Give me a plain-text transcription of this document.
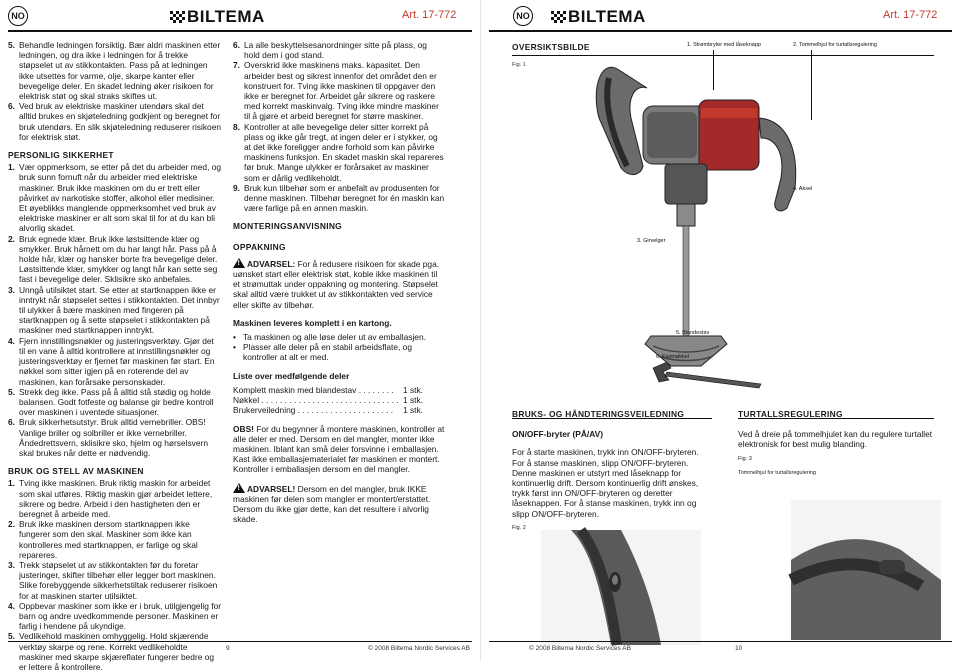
NO	BILTEMA	Art. 17-772
5. Behandle ledningen forsiktig. Bær aldri maskinen etter ledningen, og dra ikke i ledningen for å trekke støpselet ut av stikkontakten. Pass på at ledningen ikke utsettes for varme, olje, skarpe kanter eller bevegelige deler. En skadet ledning øker risikoen for elektrisk støt og skal straks skiftes ut.
6. Ved bruk av elektriske maskiner utendørs skal det alltid brukes en skjøteledning godkjent og beregnet for bruk utendørs. En slik skjøteledning reduserer risikoen for elektrisk støt.
PERSONLIG SIKKERHET
1. Vær oppmerksom, se etter på det du arbeider med, og bruk sunn fornuft når du arbeider med elektriske maskiner. Bruk ikke maskinen om du er trett eller påvirket av narkotiske stoffer, alkohol eller medisiner. Et øyeblikks manglende oppmerksomhet ved bruk av elektriske maskiner er alt som skal til for at du kan bli alvorlig skadet.
2. Bruk egnede klær. Bruk ikke løstsittende klær og smykker. Bruk hårnett om du har langt hår. Pass på å holde hår, klær og hansker borte fra bevegelige deler. Løstsittende klær, smykker og langt hår kan sette seg fast i bevegelige deler. Sklisikre sko anbefales.
3. Unngå utilsiktet start. Se etter at startknappen ikke er inntrykt når støpselet settes i stikkontakten. Det innbyr til ulykker å bære maskinen med fingeren på startknappen og å sette støpselet i stikkontakten på maskiner med startknappen inntrykt.
4. Fjern innstillingsnøkler og justeringsverktøy. Gjør det til en vane å alltid kontrollere at innstillingsnøkler og justeringsverktøy er fjernet før maskinen før start. En nøkkel som sitter igjen på en roterende del av maskinen, kan forårsake personskader.
5. Strekk deg ikke. Pass på å alltid stå stødig og holde balansen. Godt fotfeste og balanse gir bedre kontroll over maskinen i uventede situasjoner.
6. Bruk sikkerhetsutstyr. Bruk alltid vernebriller. OBS! Vanlige briller og solbriller er ikke vernebriller. Åndedrettsvern, sklisikre sko, hjelm og hørselsvern skal brukes når dette er nødvendig.
BRUK OG STELL AV MASKINEN
1. Tving ikke maskinen. Bruk riktig maskin for arbeidet som skal utføres. Riktig maskin gjør arbeidet lettere, sikrere og bedre. Arbeid i den hastigheten den er beregnet å arbeide med.
2. Bruk ikke maskinen dersom startknappen ikke fungerer som den skal. Maskiner som ikke kan kontrolleres med startknappen, er farlige og skal repareres.
3. Trekk støpselet ut av stikkontakten før du foretar justeringer, skifter tilbehør eller legger bort maskinen. Slike forebyggende sikkerhetstiltak reduserer risikoen for at maskinen starter utilsiktet.
4. Oppbevar maskiner som ikke er i bruk, utilgjengelig for barn og andre uvedkommende personer. Maskinen er farlig i hendene på ukyndige.
5. Vedlikehold maskinen omhyggelig. Hold skjærende verktøy skarpe og rene. Korrekt vedlikeholdte maskiner med skarpe skjæreflater fungerer bedre og er lettere å kontrollere.
6. La alle beskyttelsesanordninger sitte på plass, og hold dem i god stand.
7. Overskrid ikke maskinens maks. kapasitet. Den arbeider best og sikrest innenfor det området den er konstruert for. Tving ikke maskinen til oppgaver den ikke er beregnet for. Arbeidet går sikrere og raskere med korrekt maskinvalg. Tving ikke mindre maskiner til å gjøre et arbeid beregnet for større maskiner.
8. Kontroller at alle bevegelige deler sitter korrekt på plass og ikke går tregt, at ingen deler er i stykker, og at det ikke foreligger andre forhold som kan påvirke maskinens funksjon. En skadet maskin skal repareres før bruk. Mange ulykker er forårsaket av maskiner som er dårlig vedlikeholdt.
9. Bruk kun tilbehør som er anbefalt av produsenten for denne maskinen. Tilbehør beregnet for én maskin kan være farlige på en annen maskin.
MONTERINGSANVISNING
OPPAKNING

!ADVARSEL: For å redusere risikoen for skade pga. uønsket start eller elektrisk støt, koble ikke maskinen til et strømuttak under oppakning og montering. Støpselet skal alltid være trukket ut av stikkontakten ved service eller skifte av tilbehør.

Maskinen leveres komplett i en kartong.

• Ta maskinen og alle løse deler ut av emballasjen.
• Plasser alle deler på en stabil arbeidsflate, og kontroller at alt er med.

Liste over medfølgende deler

Komplett maskin med blandestav . . . . . . . . 1 stk.
Nøkkel . . . . . . . . . . . . . . . . . . . . . . . . . . . . . . 1 stk.
Brukerveiledning . . . . . . . . . . . . . . . . . . . . . 1 stk.

OBS! For du begynner å montere maskinen, kontroller at alle deler er med. Dersom en del mangler, monter ikke maskinen. Iblant kan små deler forsvinne i emballasjen. Kast ikke emballasjematerialet før maskinen er montert. Kontroller i emballasjen dersom en del mangler.

!ADVARSEL! Dersom en del mangler, bruk IKKE maskinen før delen som mangler er montert/erstattet. Dersom du ikke gjør dette, kan det resultere i alvorlig skade.

9	© 2008 Biltema Nordic Services AB
NO BILTEMA	Art. 17-772
OVERSIKTSBILDE
Fig. 1
1. Strømbryter med låseknapp	2. Tommelhjul for turtallsregulering
4. Aksel
3. Girvelger
5. Blandestav
6. Fastnøkkel
BRUKS- OG HÅNDTERINGSVEILEDNING

ON/OFF-bryter (PÅ/AV)

For å starte maskinen, trykk inn ON/OFF-bryteren.

For å stanse maskinen, slipp ON/OFF-bryteren.

Denne maskinen er utstyrt med låseknapp for kontinuerlig drift. Dersom kontinuerlig drift ønskes, trykk først inn ON/OFF-bryteren og deretter låseknappen. For å stanse maskinen, trykk inn og slipp ON/OFF-bryteren.

Fig. 2

TURTALLSREGULERING

Ved å dreie på tommelhjulet kan du regulere turtallet elektronisk for best mulig blanding.

Fig. 3

Tommelhjul for turtallsregulering

© 2008 Biltema Nordic Services AB	10
